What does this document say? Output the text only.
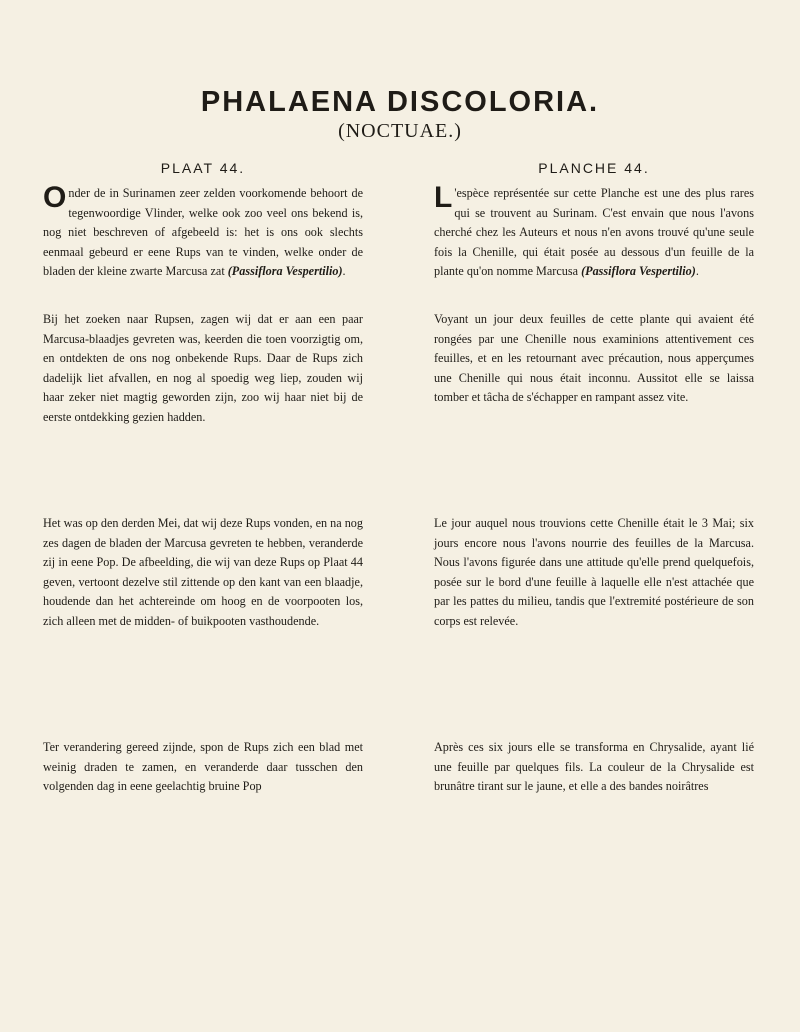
PHALAENA DISCOLORIA.
(NOCTUAE.)
PLAAT 44.

Onder de in Surinamen zeer zelden voorkomende behoort de tegenwoordige Vlinder, welke ook zoo veel ons bekend is, nog niet beschreven of afgebeeld is: het is ons ook slechts eenmaal gebeurd er eene Rups van te vinden, welke onder de bladen der kleine zwarte Marcusa zat (Passiflora Vespertilio).

Bij het zoeken naar Rupsen, zagen wij dat er aan een paar Marcusa-blaadjes gevreten was, keerden die toen voorzigtig om, en ontdekten de ons nog onbekende Rups. Daar de Rups zich dadelijk liet afvallen, en nog al spoedig weg liep, zouden wij haar zeker niet magtig geworden zijn, zoo wij haar niet bij de eerste ontdekking gezien hadden.

Het was op den derden Mei, dat wij deze Rups vonden, en na nog zes dagen de bladen der Marcusa gevreten te hebben, veranderde zij in eene Pop. De afbeelding, die wij van deze Rups op Plaat 44 geven, vertoont dezelve stil zittende op den kant van een blaadje, houdende dan het achtereinde om hoog en de voorpooten los, zich alleen met de midden- of buikpooten vasthoudende.

Ter verandering gereed zijnde, spon de Rups zich een blad met weinig draden te zamen, en veranderde daar tusschen den volgenden dag in eene geelachtig bruine Pop

PLANCHE 44.

L 'espèce représentée sur cette Planche est une des plus rares qui se trouvent au Surinam. C'est envain que nous l'avons cherché chez les Auteurs et nous n'en avons trouvé qu'une seule fois la Chenille, qui était posée au dessous d'un feuille de la plante qu'on nomme Marcusa (Passiflora Vespertilio).

Voyant un jour deux feuilles de cette plante qui avaient été rongées par une Chenille nous examinions attentivement ces feuilles, et en les retournant avec précaution, nous apperçumes une Chenille qui nous était inconnu. Aussitot elle se laissa tomber et tâcha de s'échapper en rampant assez vite.

Le jour auquel nous trouvions cette Chenille était le 3 Mai; six jours encore nous l'avons nourrie des feuilles de la Marcusa. Nous l'avons figurée dans une attitude qu'elle prend quelquefois, posée sur le bord d'une feuille à laquelle elle n'est attachée que par les pattes du milieu, tandis que l'extremité postérieure de son corps est relevée.

Après ces six jours elle se transforma en Chrysalide, ayant lié une feuille par quelques fils. La couleur de la Chrysalide est brunâtre tirant sur le jaune, et elle a des bandes noirâtres
